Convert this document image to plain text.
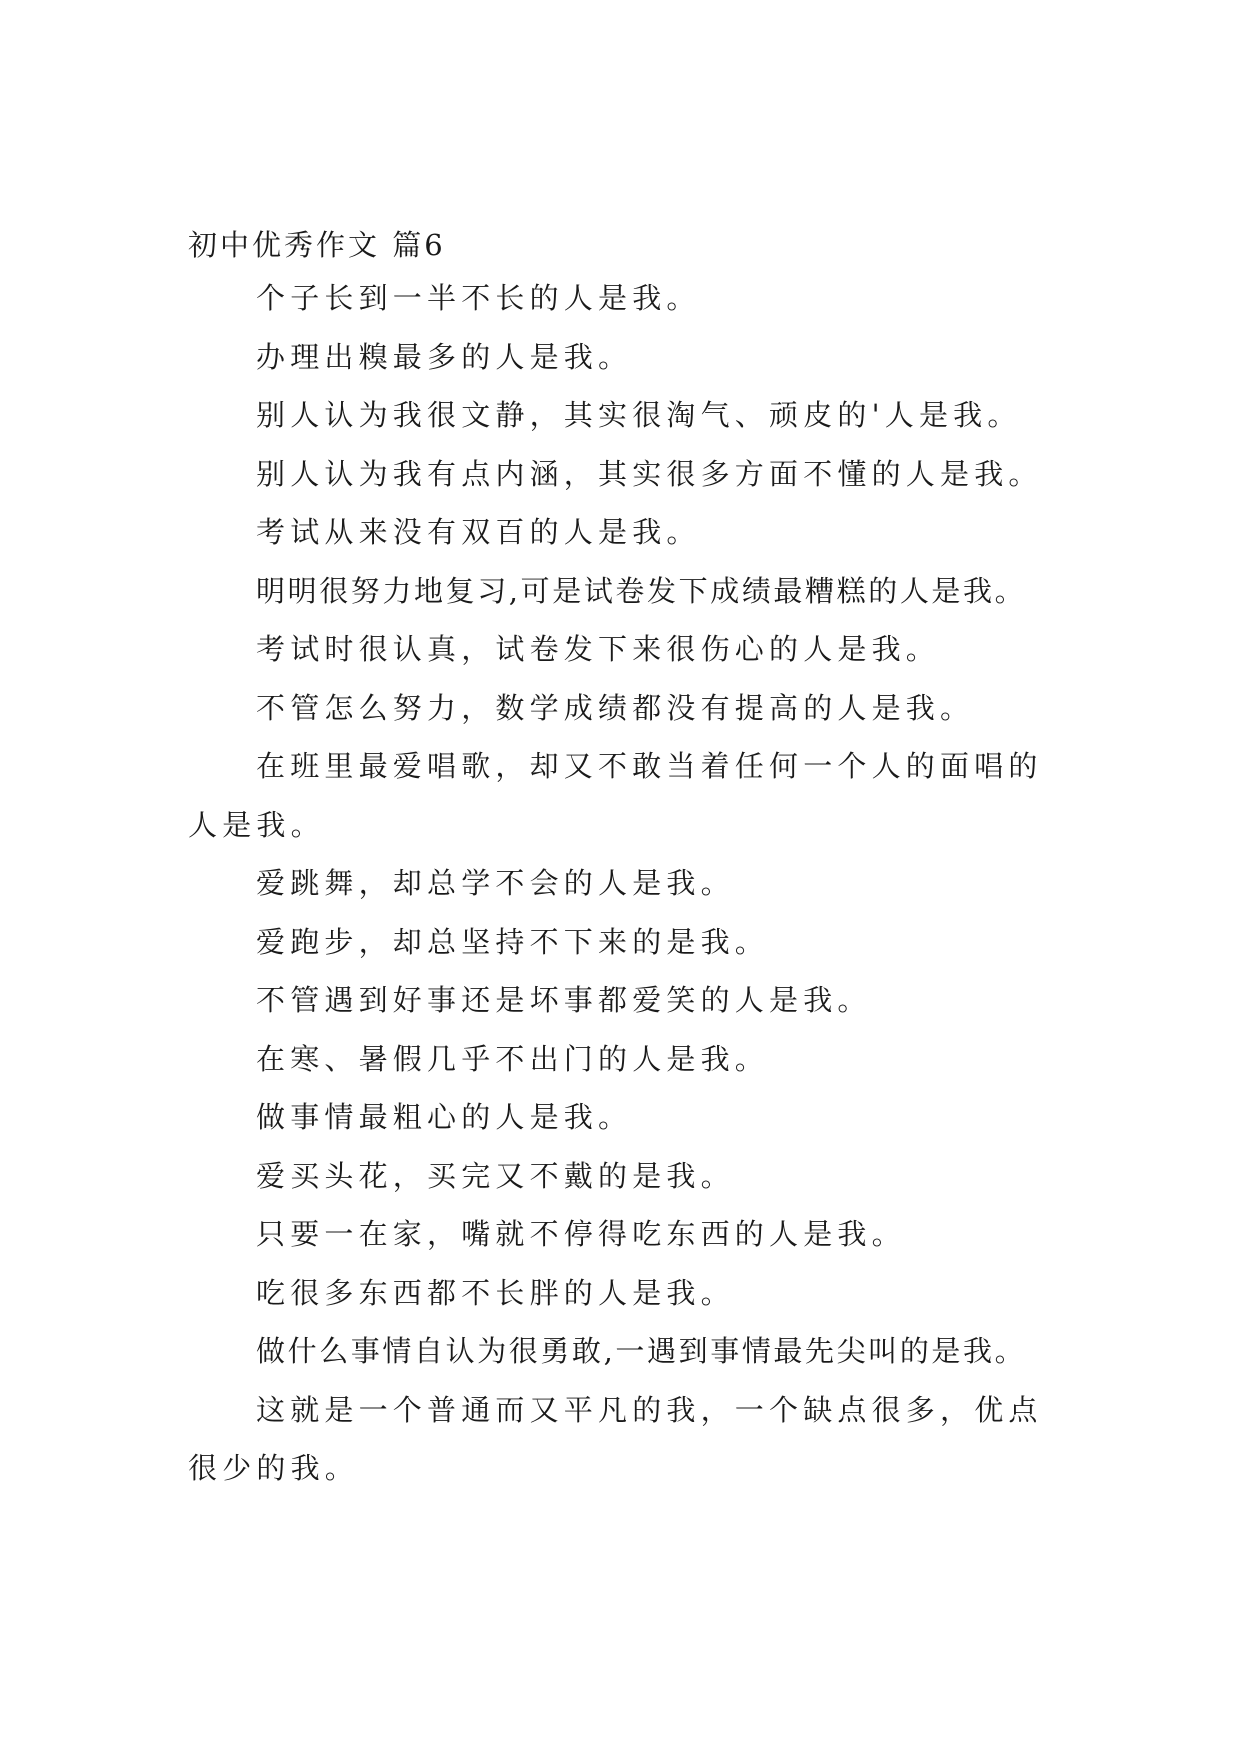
初中优秀作文 篇6

个子长到一半不长的人是我。

办理出糗最多的人是我。

别人认为我很文静，其实很淘气、顽皮的'人是我。

别人认为我有点内涵，其实很多方面不懂的人是我。

考试从来没有双百的人是我。

明明很努力地复习,可是试卷发下成绩最糟糕的人是我。

考试时很认真，试卷发下来很伤心的人是我。

不管怎么努力，数学成绩都没有提高的人是我。

在班里最爱唱歌，却又不敢当着任何一个人的面唱的人是我。

爱跳舞，却总学不会的人是我。

爱跑步，却总坚持不下来的是我。

不管遇到好事还是坏事都爱笑的人是我。

在寒、暑假几乎不出门的人是我。

做事情最粗心的人是我。

爱买头花，买完又不戴的是我。

只要一在家，嘴就不停得吃东西的人是我。

吃很多东西都不长胖的人是我。

做什么事情自认为很勇敢,一遇到事情最先尖叫的是我。

这就是一个普通而又平凡的我，一个缺点很多，优点很少的我。
